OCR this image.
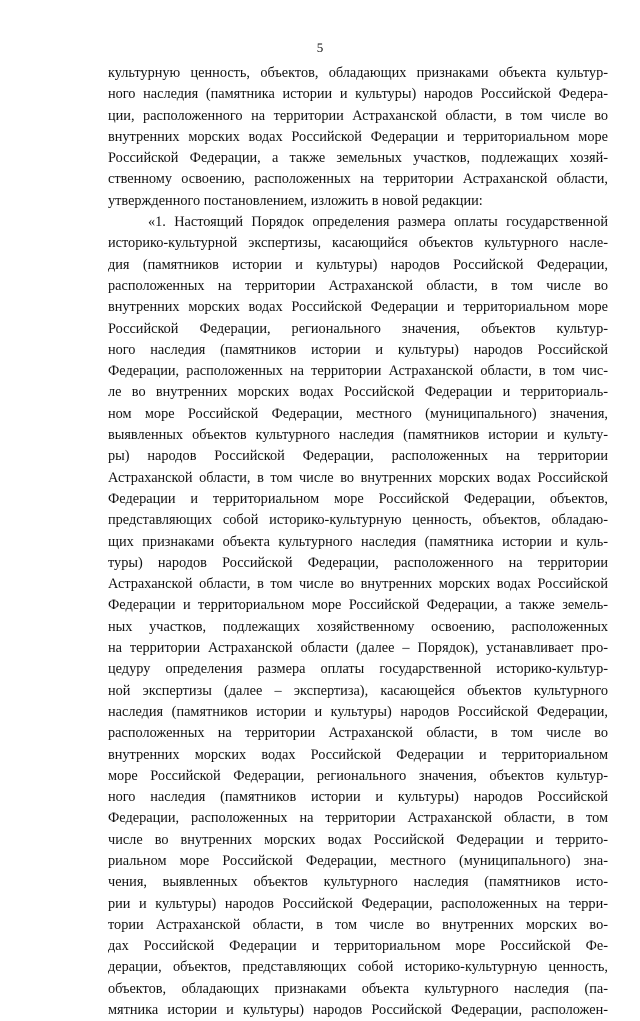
5
культурную ценность, объектов, обладающих признаками объекта культур-
ного наследия (памятника истории и культуры) народов Российской Федера-
ции, расположенного на территории Астраханской области, в том числе во
внутренних морских водах Российской Федерации и территориальном море
Российской Федерации, а также земельных участков, подлежащих хозяй-
ственному освоению, расположенных на территории Астраханской области,
утвержденного постановлением, изложить в новой редакции:
«1. Настоящий Порядок определения размера оплаты государственной
историко-культурной экспертизы, касающийся объектов культурного насле-
дия (памятников истории и культуры) народов Российской Федерации,
расположенных на территории Астраханской области, в том числе во
внутренних морских водах Российской Федерации и территориальном море
Российской Федерации, регионального значения, объектов культур-
ного наследия (памятников истории и культуры) народов Российской
Федерации, расположенных на территории Астраханской области, в том чис-
ле во внутренних морских водах Российской Федерации и территориаль-
ном море Российской Федерации, местного (муниципального) значения,
выявленных объектов культурного наследия (памятников истории и культу-
ры) народов Российской Федерации, расположенных на территории
Астраханской области, в том числе во внутренних морских водах Российской
Федерации и территориальном море Российской Федерации, объектов,
представляющих собой историко-культурную ценность, объектов, обладаю-
щих признаками объекта культурного наследия (памятника истории и куль-
туры) народов Российской Федерации, расположенного на территории
Астраханской области, в том числе во внутренних морских водах Российской
Федерации и территориальном море Российской Федерации, а также земель-
ных участков, подлежащих хозяйственному освоению, расположенных
на территории Астраханской области (далее – Порядок), устанавливает про-
цедуру определения размера оплаты государственной историко-культур-
ной экспертизы (далее – экспертиза), касающейся объектов культурного
наследия (памятников истории и культуры) народов Российской Федерации,
расположенных на территории Астраханской области, в том числе во
внутренних морских водах Российской Федерации и территориальном
море Российской Федерации, регионального значения, объектов культур-
ного наследия (памятников истории и культуры) народов Российской
Федерации, расположенных на территории Астраханской области, в том
числе во внутренних морских водах Российской Федерации и террито-
риальном море Российской Федерации, местного (муниципального) зна-
чения, выявленных объектов культурного наследия (памятников исто-
рии и культуры) народов Российской Федерации, расположенных на терри-
тории Астраханской области, в том числе во внутренних морских во-
дах Российской Федерации и территориальном море Российской Фе-
дерации, объектов, представляющих собой историко-культурную ценность,
объектов, обладающих признаками объекта культурного наследия (па-
мятника истории и культуры) народов Российской Федерации, расположен-
